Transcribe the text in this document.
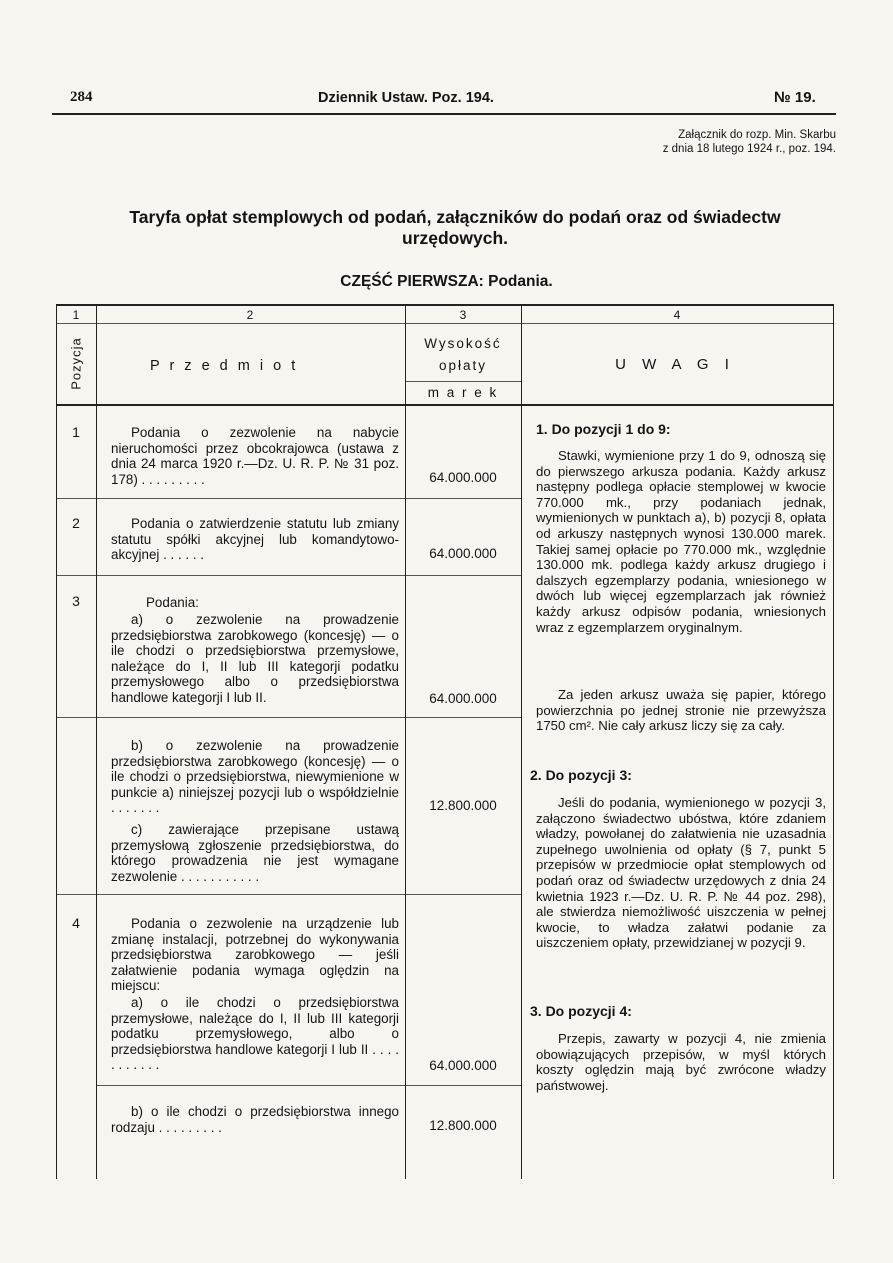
284	Dziennik Ustaw. Poz. 194.	№ 19.
Załącznik do rozp. Min. Skarbu
z dnia 18 lutego 1924 r., poz. 194.
Taryfa opłat stemplowych od podań, załączników do podań oraz od świadectw
urzędowych.
CZĘŚĆ PIERWSZA: Podania.
1	2	3	4
Pozycja	P r z e d m i o t
Wysokość opłaty
m a r e k
U W A G I
1	Podania o zezwolenie na nabycie nieruchomości przez obcokrajowca (ustawa z dnia 24 marca 1920 r.—Dz. U. R. P. № 31 poz. 178) . . . . . . . . .	64.000.000
2	Podania o zatwierdzenie statutu lub zmiany statutu spółki akcyjnej lub komandytowo-akcyjnej . . . . . .	64.000.000
3	Podania:
a) o zezwolenie na prowadzenie przedsiębiorstwa zarobkowego (koncesję) — o ile chodzi o przedsiębiorstwa przemysłowe, należące do I, II lub III kategorji podatku przemysłowego albo o przedsiębiorstwa handlowe kategorji I lub II.	64.000.000
b) o zezwolenie na prowadzenie przedsiębiorstwa zarobkowego (koncesję) — o ile chodzi o przedsiębiorstwa, niewymienione w punkcie a) niniejszej pozycji lub o współdzielnie . . . . . . .	12.800.000
c) zawierające przepisane ustawą przemysłową zgłoszenie przedsiębiorstwa, do którego prowadzenia nie jest wymagane zezwolenie . . . . . . . . . . .
4	Podania o zezwolenie na urządzenie lub zmianę instalacji, potrzebnej do wykonywania przedsiębiorstwa zarobkowego — jeśli załatwienie podania wymaga oględzin na miejscu:
a) o ile chodzi o przedsiębiorstwa przemysłowe, należące do I, II lub III kategorji podatku przemysłowego, albo o przedsiębiorstwa handlowe kategorji I lub II . . . . . . . . . . .	64.000.000
b) o ile chodzi o przedsiębiorstwa innego rodzaju . . . . . . . . .	12.800.000
1. Do pozycji 1 do 9:
Stawki, wymienione przy 1 do 9, odnoszą się do pierwszego arkusza podania. Każdy arkusz następny podlega opłacie stemplowej w kwocie 770.000 mk., przy podaniach jednak, wymienionych w punktach a), b) pozycji 8, opłata od arkuszy następnych wynosi 130.000 marek. Takiej samej opłacie po 770.000 mk., względnie 130.000 mk. podlega każdy arkusz drugiego i dalszych egzemplarzy podania, wniesionego w dwóch lub więcej egzemplarzach jak również każdy arkusz odpisów podania, wniesionych wraz z egzemplarzem oryginalnym.
Za jeden arkusz uważa się papier, którego powierzchnia po jednej stronie nie przewyższa 1750 cm². Nie cały arkusz liczy się za cały.
2. Do pozycji 3:
Jeśli do podania, wymienionego w pozycji 3, załączono świadectwo ubóstwa, które zdaniem władzy, powołanej do załatwienia nie uzasadnia zupełnego uwolnienia od opłaty (§ 7, punkt 5 przepisów w przedmiocie opłat stemplowych od podań oraz od świadectw urzędowych z dnia 24 kwietnia 1923 r.—Dz. U. R. P. № 44 poz. 298), ale stwierdza niemożliwość uiszczenia w pełnej kwocie, to władza załatwi podanie za uiszczeniem opłaty, przewidzianej w pozycji 9.
3. Do pozycji 4:
Przepis, zawarty w pozycji 4, nie zmienia obowiązujących przepisów, w myśl których koszty oględzin mają być zwrócone władzy państwowej.
